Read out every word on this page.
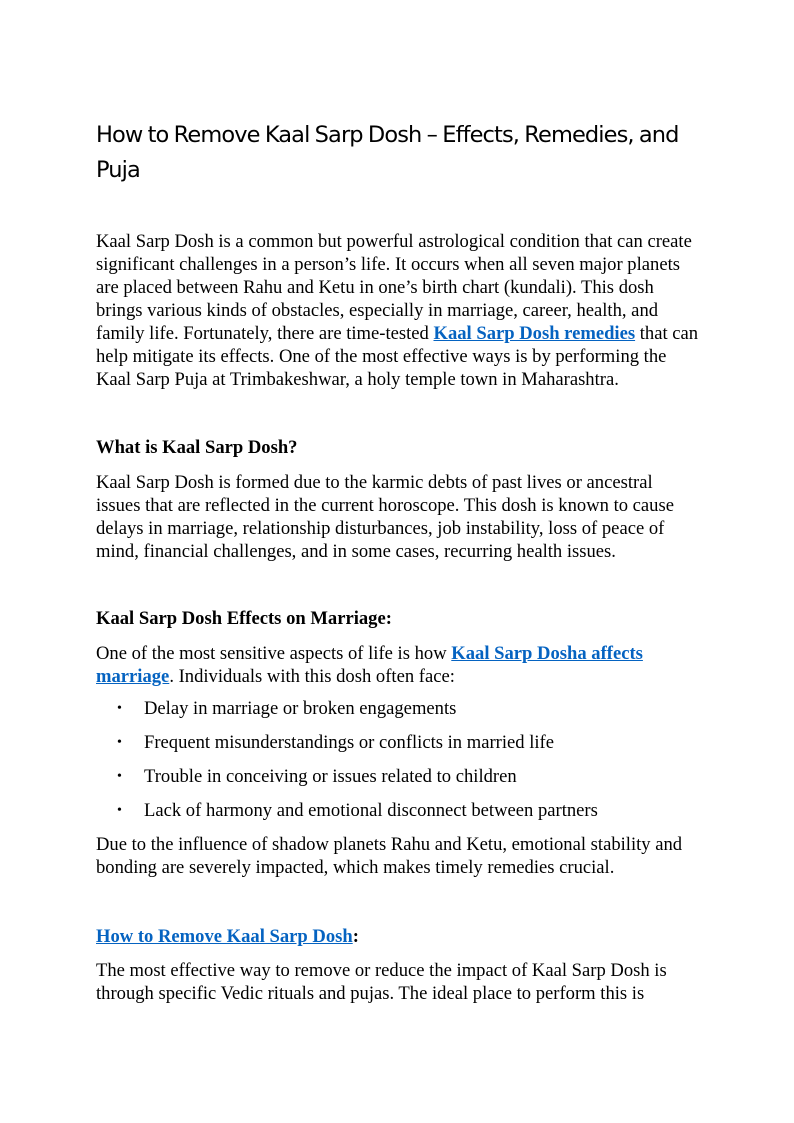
How to Remove Kaal Sarp Dosh – Effects, Remedies, and Puja

Kaal Sarp Dosh is a common but powerful astrological condition that can create significant challenges in a person’s life. It occurs when all seven major planets are placed between Rahu and Ketu in one’s birth chart (kundali). This dosh brings various kinds of obstacles, especially in marriage, career, health, and family life. Fortunately, there are time-tested Kaal Sarp Dosh remedies that can help mitigate its effects. One of the most effective ways is by performing the Kaal Sarp Puja at Trimbakeshwar, a holy temple town in Maharashtra.

What is Kaal Sarp Dosh?

Kaal Sarp Dosh is formed due to the karmic debts of past lives or ancestral issues that are reflected in the current horoscope. This dosh is known to cause delays in marriage, relationship disturbances, job instability, loss of peace of mind, financial challenges, and in some cases, recurring health issues.

Kaal Sarp Dosh Effects on Marriage:

One of the most sensitive aspects of life is how Kaal Sarp Dosha affects marriage. Individuals with this dosh often face:

• Delay in marriage or broken engagements
• Frequent misunderstandings or conflicts in married life
• Trouble in conceiving or issues related to children
• Lack of harmony and emotional disconnect between partners

Due to the influence of shadow planets Rahu and Ketu, emotional stability and bonding are severely impacted, which makes timely remedies crucial.

How to Remove Kaal Sarp Dosh:

The most effective way to remove or reduce the impact of Kaal Sarp Dosh is through specific Vedic rituals and pujas. The ideal place to perform this is
